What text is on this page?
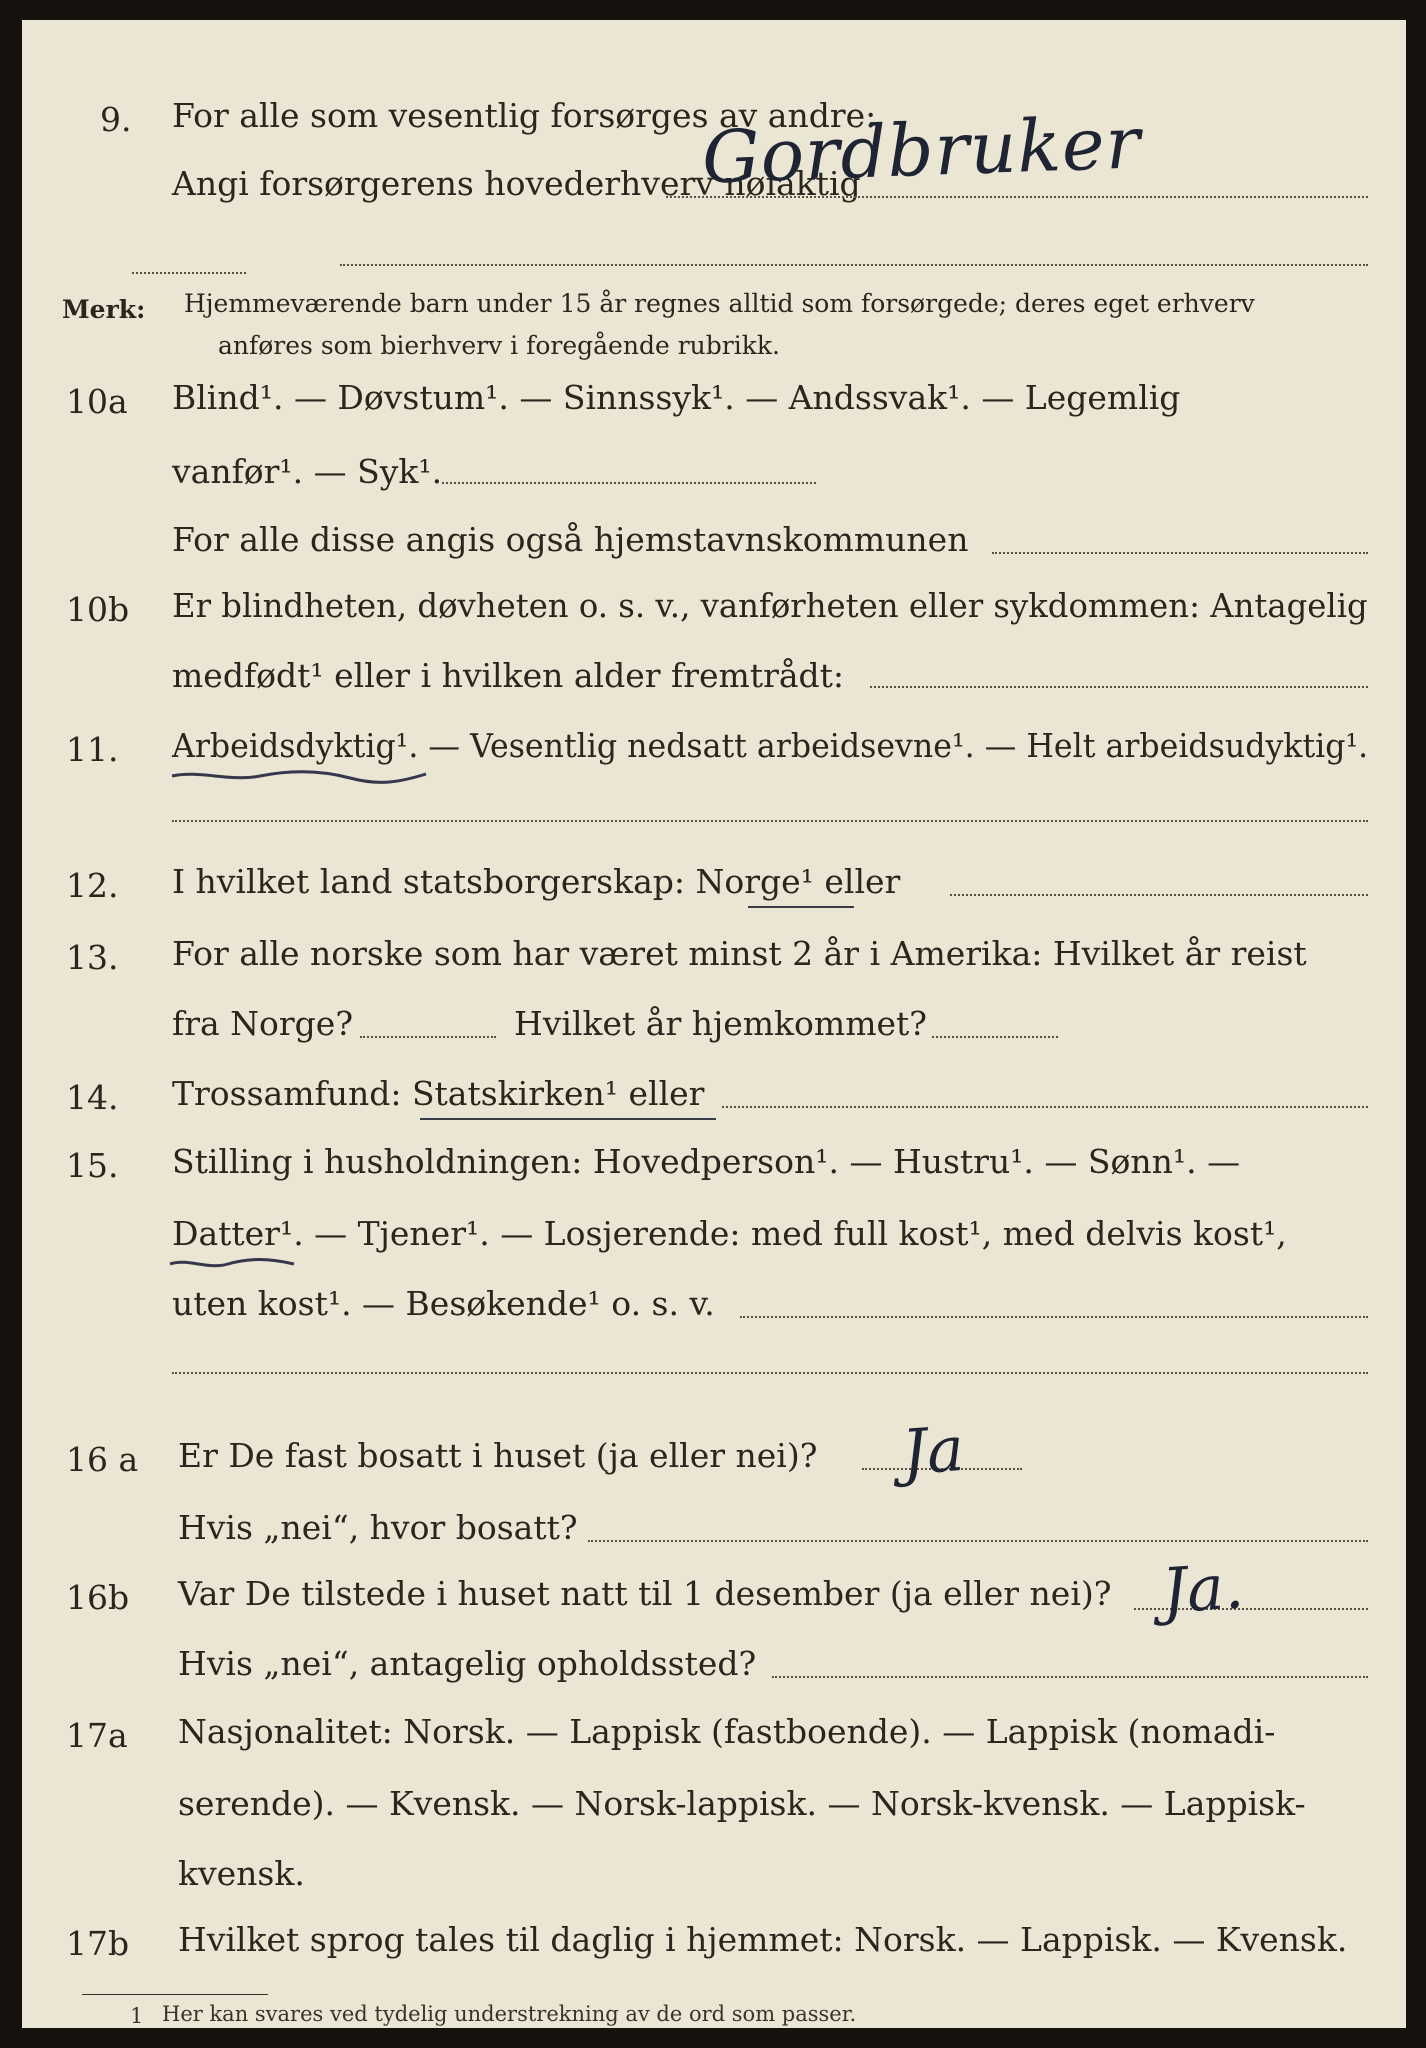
9. For alle som vesentlig forsørges av andre:
Angi forsørgerens hovederhverv nøiaktig
Gordbruker
Merk: Hjemmeværende barn under 15 år regnes alltid som forsørgede; deres eget erhverv
anføres som bierhverv i foregående rubrikk.
10a Blind¹. — Døvstum¹. — Sinnssyk¹. — Andssvak¹. — Legemlig
vanfør¹. — Syk¹.
For alle disse angis også hjemstavnskommunen
10b Er blindheten, døvheten o. s. v., vanførheten eller sykdommen: Antagelig
medfødt¹ eller i hvilken alder fremtrådt:
11. Arbeidsdyktig¹. — Vesentlig nedsatt arbeidsevne¹. — Helt arbeidsudyktig¹.
12. I hvilket land statsborgerskap: Norge¹ eller
13. For alle norske som har været minst 2 år i Amerika: Hvilket år reist
fra Norge?	Hvilket år hjemkommet?
14. Trossamfund: Statskirken¹ eller
15. Stilling i husholdningen: Hovedperson¹. — Hustru¹. — Sønn¹. —
Datter¹. — Tjener¹. — Losjerende: med full kost¹, med delvis kost¹,
uten kost¹. — Besøkende¹ o. s. v.
16 a Er De fast bosatt i huset (ja eller nei)? Ja
Hvis „nei“, hvor bosatt?
16b Var De tilstede i huset natt til 1 desember (ja eller nei)? Ja.
Hvis „nei“, antagelig opholdssted?
17a Nasjonalitet: Norsk. — Lappisk (fastboende). — Lappisk (nomadi-
serende). — Kvensk. — Norsk-lappisk. — Norsk-kvensk. — Lappisk-
kvensk.
17b Hvilket sprog tales til daglig i hjemmet: Norsk. — Lappisk. — Kvensk.
1 Her kan svares ved tydelig understrekning av de ord som passer.
